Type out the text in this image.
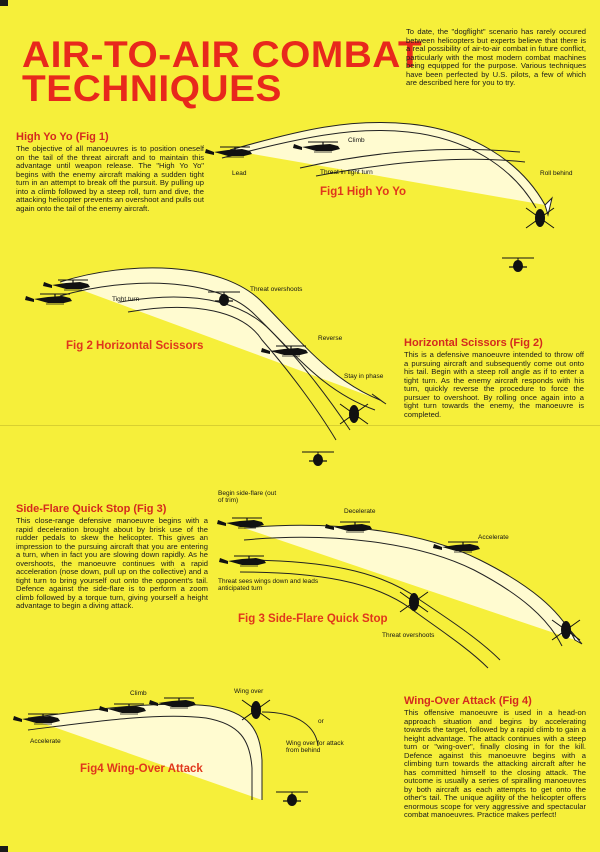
AIR-TO-AIR COMBAT
TECHNIQUES

To date, the "dogflight" scenario has rarely occured between helicopters but experts believe that there is a real possibility of air-to-air combat in future conflict, particularly with the most modern combat machines being equipped for the purpose. Various techniques have been perfected by U.S. pilots, a few of which are described here for you to try.

High Yo Yo (Fig 1)

The objective of all manoeuvres is to position oneself on the tail of the threat aircraft and to maintain this advantage until weapon release. The "High Yo Yo" begins with the enemy aircraft making a sudden tight turn in an attempt to break off the pursuit. By pulling up into a climb followed by a steep roll, turn and dive, the attacking helicopter prevents an overshoot and pulls out again onto the tail of the enemy aircraft.

Horizontal Scissors (Fig 2)

This is a defensive manoeuvre intended to throw off a pursuing aircraft and subsequently come out onto his tail. Begin with a steep roll angle as if to enter a tight turn. As the enemy aircraft responds with his turn, quickly reverse the procedure to force the pursuer to overshoot. By rolling once again into a tight turn towards the enemy, the manoeuvre is completed.

Side-Flare Quick Stop (Fig 3)

This close-range defensive manoeuvre begins with a rapid deceleration brought about by brisk use of the rudder pedals to skew the helicopter. This gives an impression to the pursuing aircraft that you are entering a turn, when in fact you are slowing down rapidly. As he overshoots, the manoeuvre continues with a rapid acceleration (nose down, pull up on the collective) and a tight turn to bring yourself out onto the opponent's tail. Defence against the side-flare is to perform a zoom climb followed by a torque turn, giving yourself a height advantage to begin a diving attack.

Wing-Over Attack (Fig 4)

This offensive manoeuvre is used in a head-on approach situation and begins by accelerating towards the target, followed by a rapid climb to gain a height advantage. The attack continues with a steep turn or "wing-over", finally closing in for the kill. Defence against this manoeuvre begins with a climbing turn towards the attacking aircraft after he has committed himself to the closing attack. The outcome is usually a series of spiralling manoeuvres by both aircraft as each attempts to get onto the other's tail. The unique agility of the helicopter offers enormous scope for very aggressive and spectacular combat manoeuvres. Practice makes perfect!

Fig1 High Yo Yo

Climb

Lead	Threat in tight turn	Roll behind

Fig 2 Horizontal Scissors

Tight turn

Threat overshoots

Reverse

Stay in phase

Fig 3 Side-Flare Quick Stop

Begin side-flare (out of trim)

Decelerate

Accelerate

Threat sees wings down and leads anticipated turn

Threat overshoots

Fig4 Wing-Over Attack

Climb

Accelerate

Wing over

or

Wing over for attack from behind
